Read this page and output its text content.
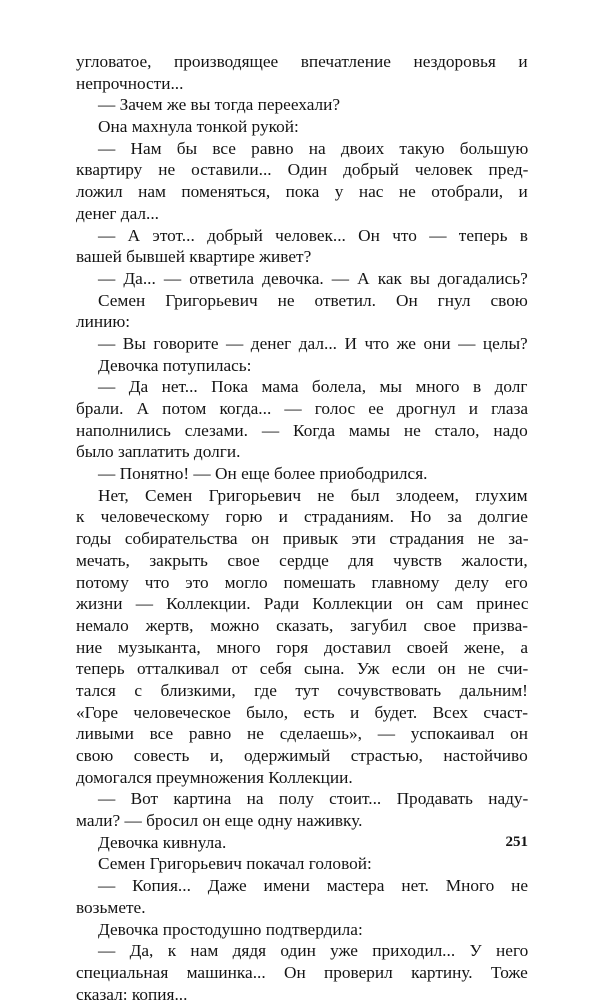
угловатое, производящее впечатление нездоровья и
непрочности...
— Зачем же вы тогда переехали?
Она махнула тонкой рукой:
— Нам бы все равно на двоих такую большую
квартиру не оставили... Один добрый человек пред-
ложил нам поменяться, пока у нас не отобрали, и
денег дал...
— А этот... добрый человек... Он что — теперь в
вашей бывшей квартире живет?
— Да... — ответила девочка. — А как вы догадались?
Семен Григорьевич не ответил. Он гнул свою
линию:
— Вы говорите — денег дал... И что же они — целы?
Девочка потупилась:
— Да нет... Пока мама болела, мы много в долг
брали. А потом когда... — голос ее дрогнул и глаза
наполнились слезами. — Когда мамы не стало, надо
было заплатить долги.
— Понятно! — Он еще более приободрился.
Нет, Семен Григорьевич не был злодеем, глухим
к человеческому горю и страданиям. Но за долгие
годы собирательства он привык эти страдания не за-
мечать, закрыть свое сердце для чувств жалости,
потому что это могло помешать главному делу его
жизни — Коллекции. Ради Коллекции он сам принес
немало жертв, можно сказать, загубил свое призва-
ние музыканта, много горя доставил своей жене, а
теперь отталкивал от себя сына. Уж если он не счи-
тался с близкими, где тут сочувствовать дальним!
«Горе человеческое было, есть и будет. Всех счаст-
ливыми все равно не сделаешь», — успокаивал он
свою совесть и, одержимый страстью, настойчиво
домогался преумножения Коллекции.
— Вот картина на полу стоит... Продавать наду-
мали? — бросил он еще одну наживку.
Девочка кивнула.
Семен Григорьевич покачал головой:
— Копия... Даже имени мастера нет. Много не
возьмете.
Девочка простодушно подтвердила:
— Да, к нам дядя один уже приходил... У него
специальная машинка... Он проверил картину. Тоже
сказал: копия...
251
